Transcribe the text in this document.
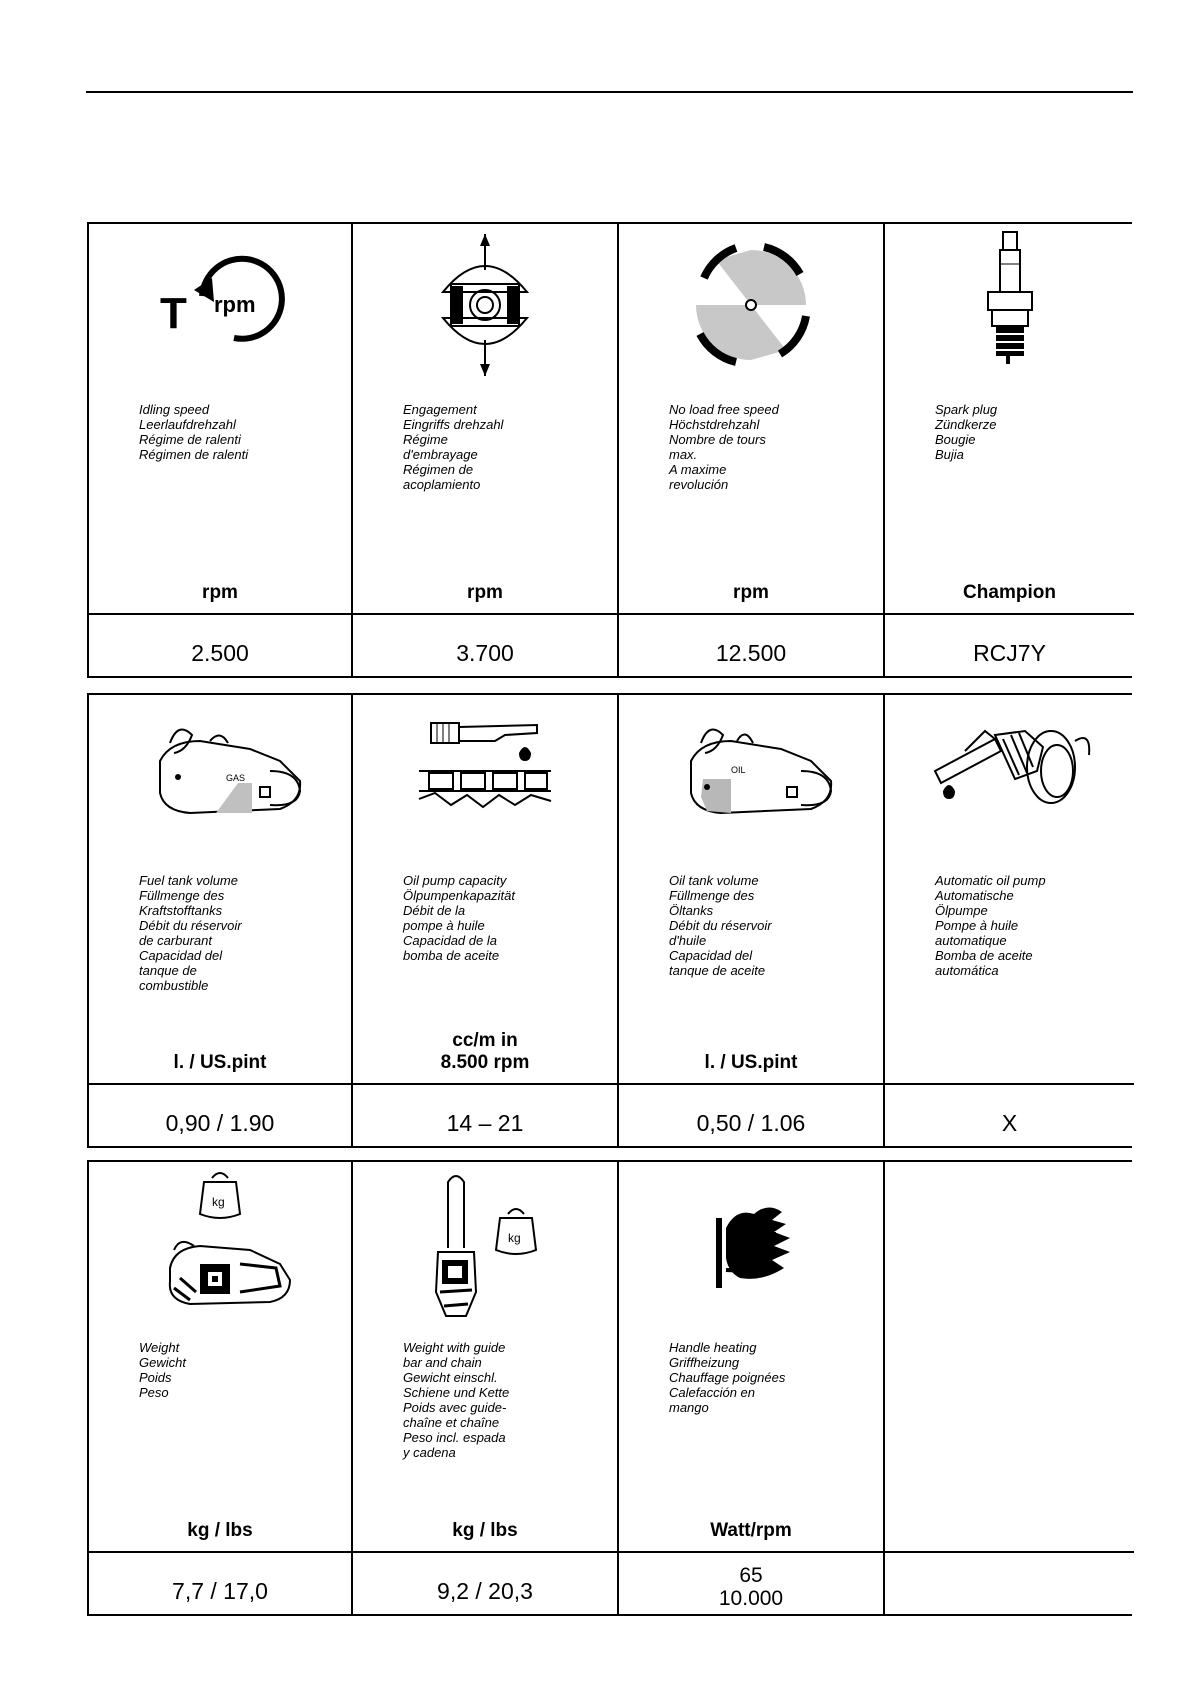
T rpm
Idling speed
Leerlaufdrehzahl
Régime de ralenti
Régimen de ralenti
rpm
2.500
Engagement
Eingriffs drehzahl
Régime
d'embrayage
Régimen de
acoplamiento
rpm
3.700
No load free speed
Höchstdrehzahl
Nombre de tours
max.
A maxime
revolución
rpm
12.500
Spark plug
Zündkerze
Bougie
Bujia
Champion
RCJ7Y
GAS
Fuel tank volume
Füllmenge des
Kraftstofftanks
Débit du réservoir
de carburant
Capacidad del
tanque de
combustible
l. / US.pint
0,90 / 1.90
Oil pump capacity
Ölpumpenkapazität
Débit de la
pompe à huile
Capacidad de la
bomba de aceite
cc/m in
8.500 rpm
14 – 21
OIL
Oil tank volume
Füllmenge des
Öltanks
Débit du réservoir
d'huile
Capacidad del
tanque de aceite
l. / US.pint
0,50 / 1.06
Automatic oil pump
Automatische
Ölpumpe
Pompe à huile
automatique
Bomba de aceite
automática
X
kg
Weight
Gewicht
Poids
Peso
kg / lbs
7,7 / 17,0
kg
Weight with guide
bar and chain
Gewicht einschl.
Schiene und Kette
Poids avec guide-
chaîne et chaîne
Peso incl. espada
y cadena
kg / lbs
9,2 / 20,3
Handle heating
Griffheizung
Chauffage poignées
Calefacción en
mango
Watt/rpm
65
10.000
